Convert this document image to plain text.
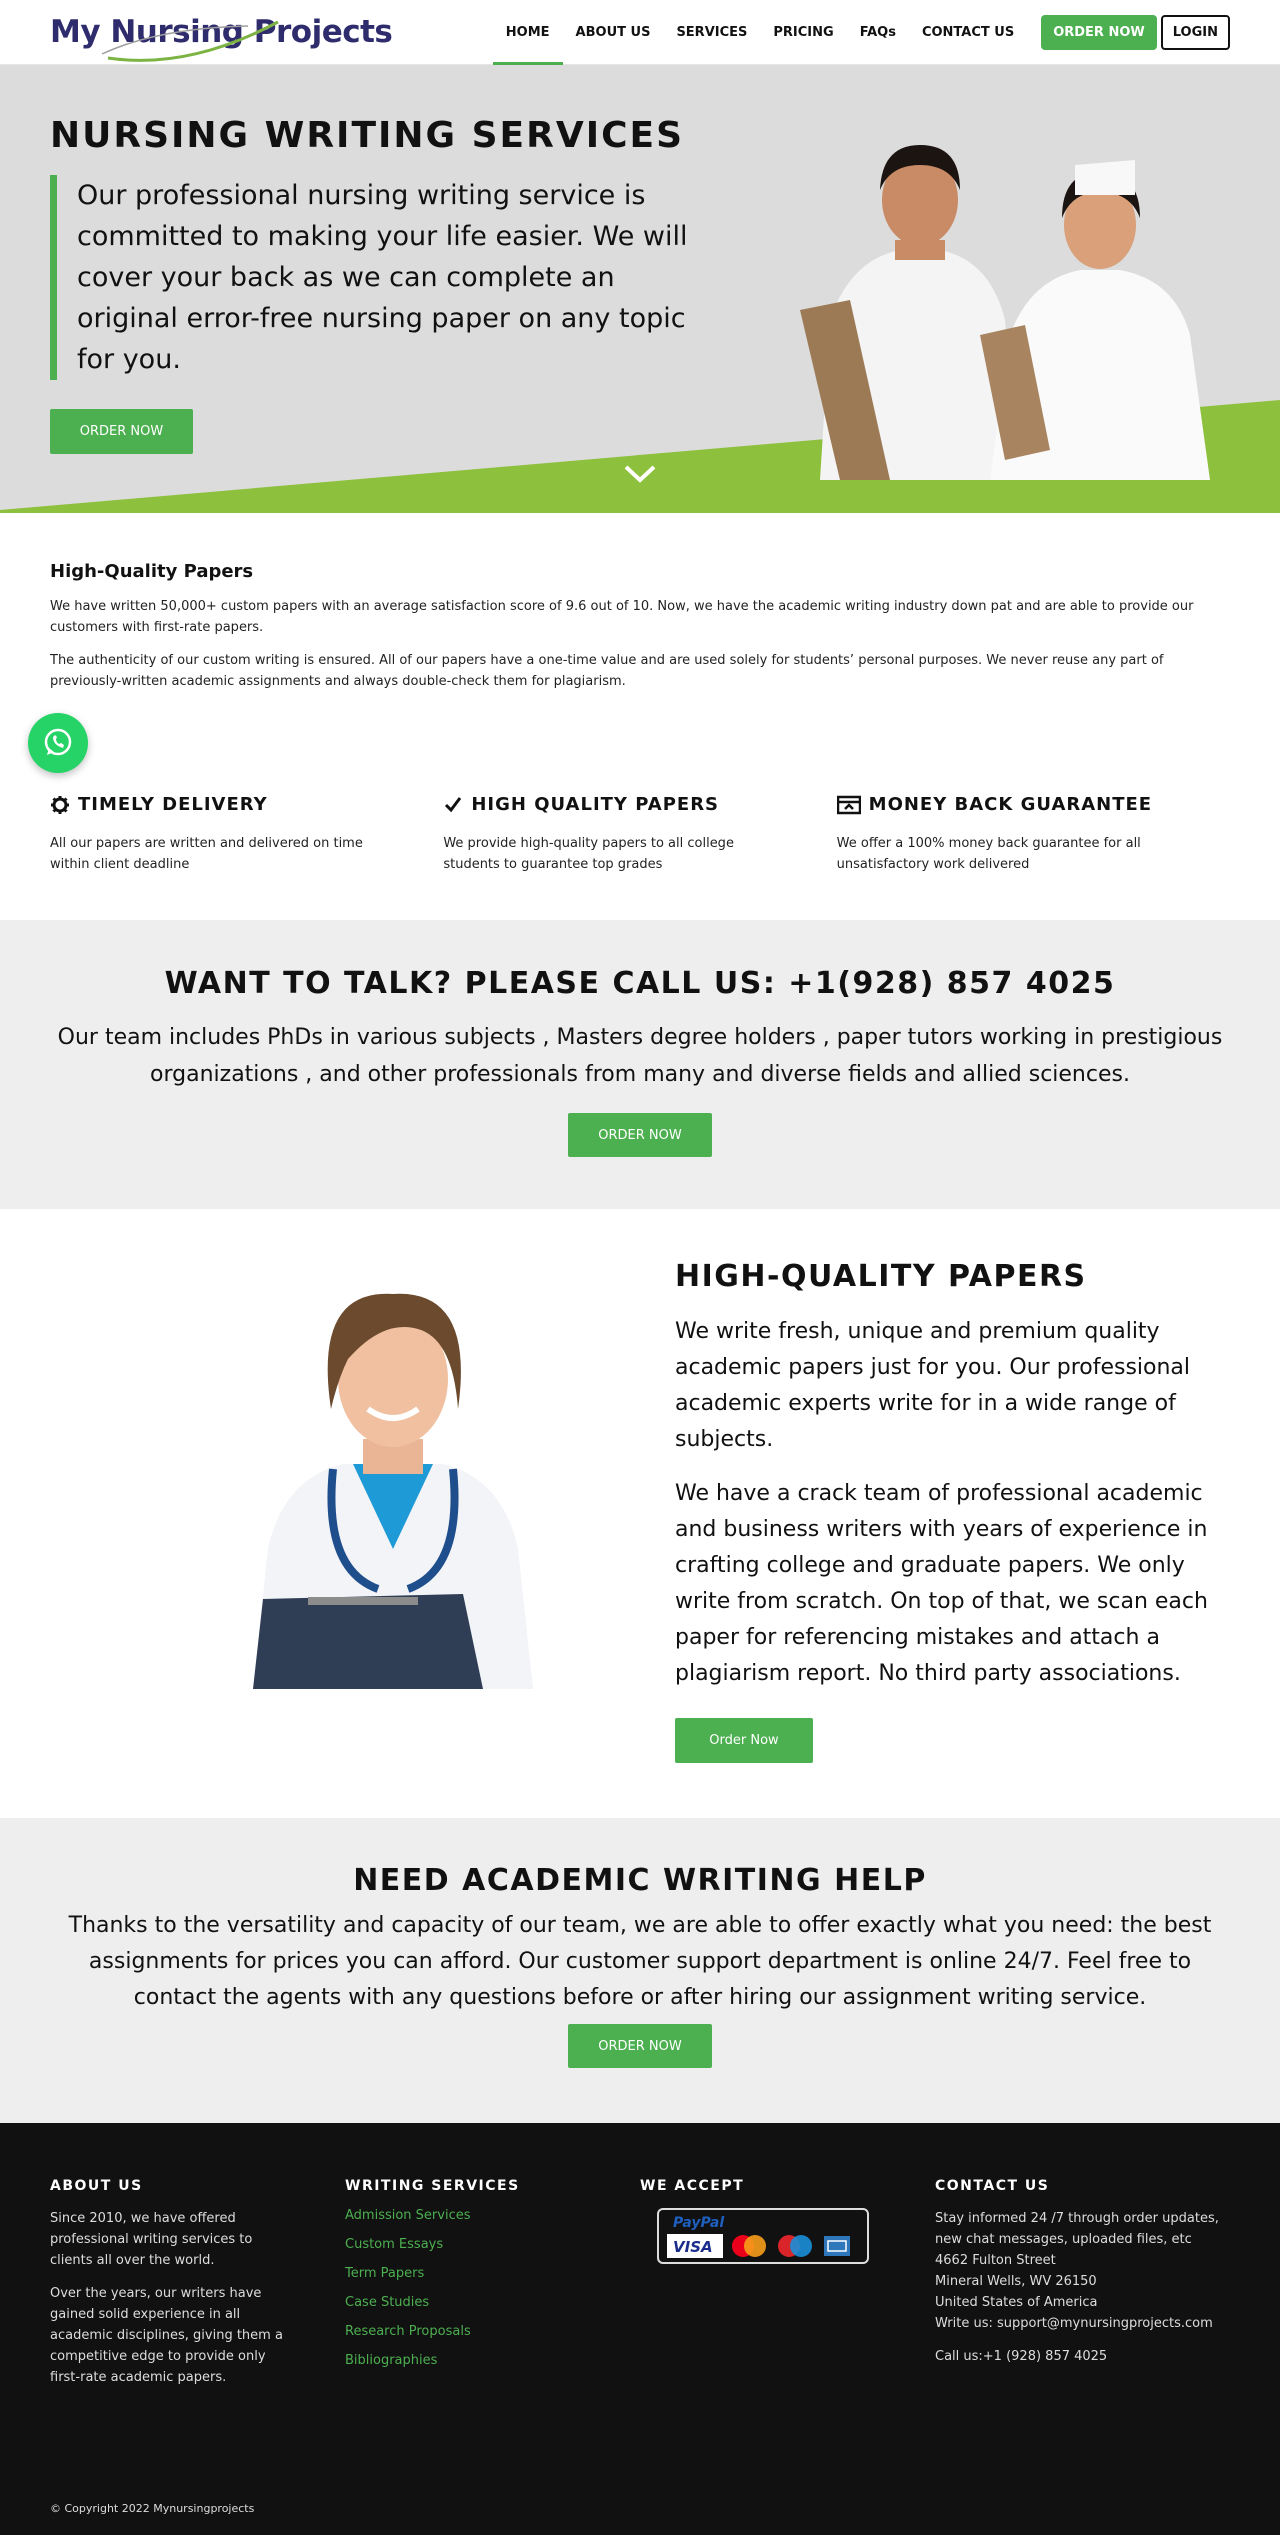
My Nursing Projects	HOME	ABOUT US	SERVICES	PRICING	FAQs	CONTACT US	ORDER NOW	LOGIN
NURSING WRITING SERVICES
Our professional nursing writing service is committed to making your life easier. We will cover your back as we can complete an original error-free nursing paper on any topic for you.
ORDER NOW
High-Quality Papers

We have written 50,000+ custom papers with an average satisfaction score of 9.6 out of 10. Now, we have the academic writing industry down pat and are able to provide our customers with first-rate papers.

The authenticity of our custom writing is ensured. All of our papers have a one-time value and are used solely for students’ personal purposes. We never reuse any part of previously-written academic assignments and always double-check them for plagiarism.

TIMELY DELIVERY

All our papers are written and delivered on time within client deadline

HIGH QUALITY PAPERS

We provide high-quality papers to all college students to guarantee top grades

MONEY BACK GUARANTEE

We offer a 100% money back guarantee for all unsatisfactory work delivered

WANT TO TALK? PLEASE CALL US: +1(928) 857 4025

Our team includes PhDs in various subjects , Masters degree holders , paper tutors working in prestigious organizations , and other professionals from many and diverse fields and allied sciences.

ORDER NOW
HIGH-QUALITY PAPERS

We write fresh, unique and premium quality academic papers just for you. Our professional academic experts write for in a wide range of subjects.

We have a crack team of professional academic and business writers with years of experience in crafting college and graduate papers. We only write from scratch. On top of that, we scan each paper for referencing mistakes and attach a plagiarism report. No third party associations.

Order Now
NEED ACADEMIC WRITING HELP

Thanks to the versatility and capacity of our team, we are able to offer exactly what you need: the best assignments for prices you can afford. Our customer support department is online 24/7. Feel free to contact the agents with any questions before or after hiring our assignment writing service.

ORDER NOW
ABOUT US

Since 2010, we have offered professional writing services to clients all over the world.

Over the years, our writers have gained solid experience in all academic disciplines, giving them a competitive edge to provide only first-rate academic papers.

WRITING SERVICES
Admission Services
Custom Essays
Term Papers
Case Studies
Research Proposals
Bibliographies
WE ACCEPT
PayPal
VISA
CONTACT US
Stay informed 24 /7 through order updates, new chat messages, uploaded files, etc
4662 Fulton Street
Mineral Wells, WV 26150
United States of America
Write us: support@mynursingprojects.com
Call us:+1 (928) 857 4025
© Copyright 2022 Mynursingprojects
